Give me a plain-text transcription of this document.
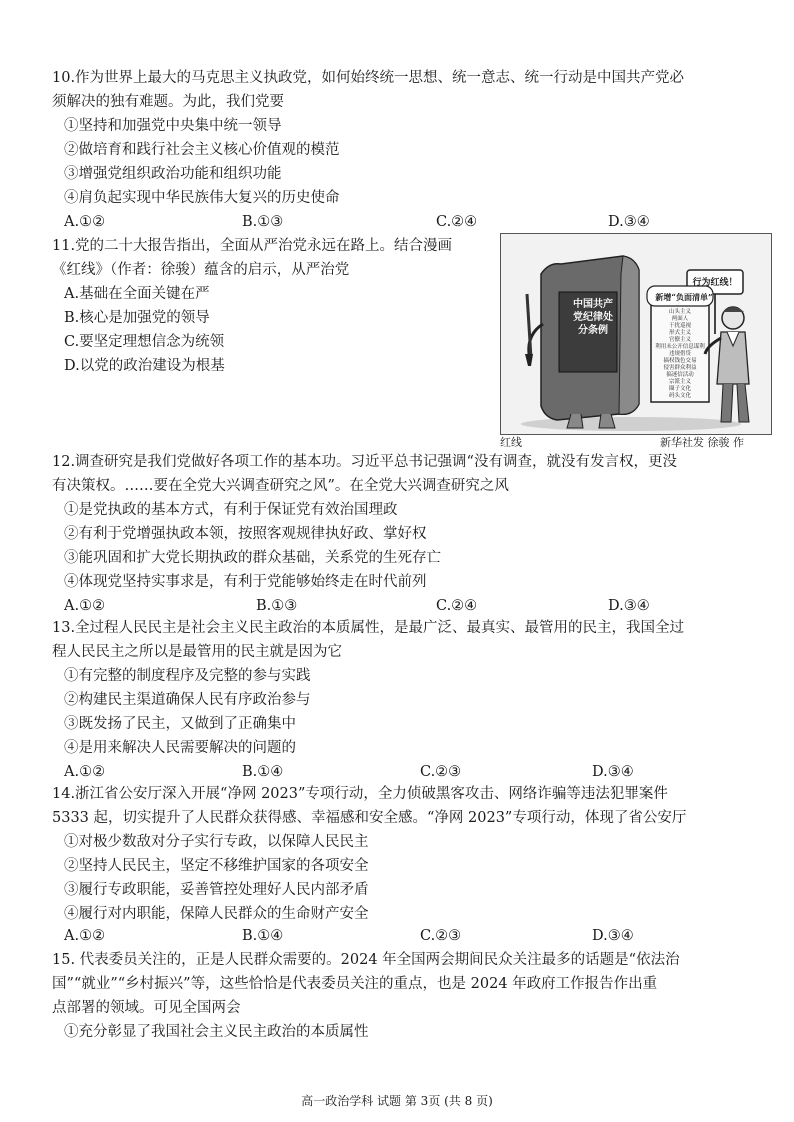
10.作为世界上最大的马克思主义执政党，如何始终统一思想、统一意志、统一行动是中国共产党必
须解决的独有难题。为此，我们党要
①坚持和加强党中央集中统一领导
②做培育和践行社会主义核心价值观的模范
③增强党组织政治功能和组织功能
④肩负起实现中华民族伟大复兴的历史使命
A.①②	B.①③	C.②④	D.③④
11.党的二十大报告指出，全面从严治党永远在路上。结合漫画
《红线》（作者：徐骏）蕴含的启示，从严治党
A.基础在全面关键在严
B.核心是加强党的领导
C.要坚定理想信念为统领
D.以党的政治建设为根基
中国共产党纪律处分条例
行为红线！
新增“负面清单”
山头主义
两面人
干扰巡视
形式主义
官僚主义
利用未公开信息谋利
违规借贷
搞权钱色交易
侵害群众利益
搞迷信活动
宗派主义
圈子文化
码头文化
红线	新华社发 徐骏 作
12.调查研究是我们党做好各项工作的基本功。习近平总书记强调“没有调查，就没有发言权，更没
有决策权。……要在全党大兴调查研究之风”。在全党大兴调查研究之风
①是党执政的基本方式，有利于保证党有效治国理政
②有利于党增强执政本领，按照客观规律执好政、掌好权
③能巩固和扩大党长期执政的群众基础，关系党的生死存亡
④体现党坚持实事求是，有利于党能够始终走在时代前列
A.①②	B.①③	C.②④	D.③④
13.全过程人民民主是社会主义民主政治的本质属性，是最广泛、最真实、最管用的民主，我国全过
程人民民主之所以是最管用的民主就是因为它
①有完整的制度程序及完整的参与实践
②构建民主渠道确保人民有序政治参与
③既发扬了民主，又做到了正确集中
④是用来解决人民需要解决的问题的
A.①②	B.①④	C.②③	D.③④
14.浙江省公安厅深入开展“净网 2023”专项行动，全力侦破黑客攻击、网络诈骗等违法犯罪案件
5333 起，切实提升了人民群众获得感、幸福感和安全感。“净网 2023”专项行动，体现了省公安厅
①对极少数敌对分子实行专政，以保障人民民主
②坚持人民民主，坚定不移维护国家的各项安全
③履行专政职能，妥善管控处理好人民内部矛盾
④履行对内职能，保障人民群众的生命财产安全
A.①②	B.①④	C.②③	D.③④
15. 代表委员关注的，正是人民群众需要的。2024 年全国两会期间民众关注最多的话题是“依法治
国”“就业”“乡村振兴”等，这些恰恰是代表委员关注的重点，也是 2024 年政府工作报告作出重
点部署的领域。可见全国两会
①充分彰显了我国社会主义民主政治的本质属性
高一政治学科 试题 第 3页 (共 8 页)
